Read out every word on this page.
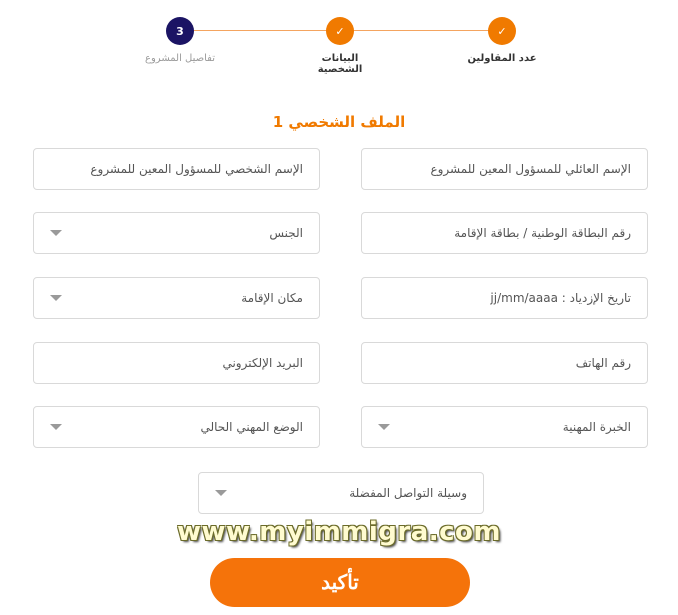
✓
عدد المقاولين
✓
البيانات الشخصية
3
تفاصيل المشروع
الملف الشخصي 1
الإسم العائلي للمسؤول المعين للمشروع
الإسم الشخصي للمسؤول المعين للمشروع
رقم البطاقة الوطنية / بطاقة الإقامة
الجنس
تاريخ الإزدياد : jj/mm/aaaa
مكان الإقامة
رقم الهاتف
البريد الإلكتروني
الخبرة المهنية
الوضع المهني الحالي
وسيلة التواصل المفضلة
www.myimmigra.com
تأكيد
